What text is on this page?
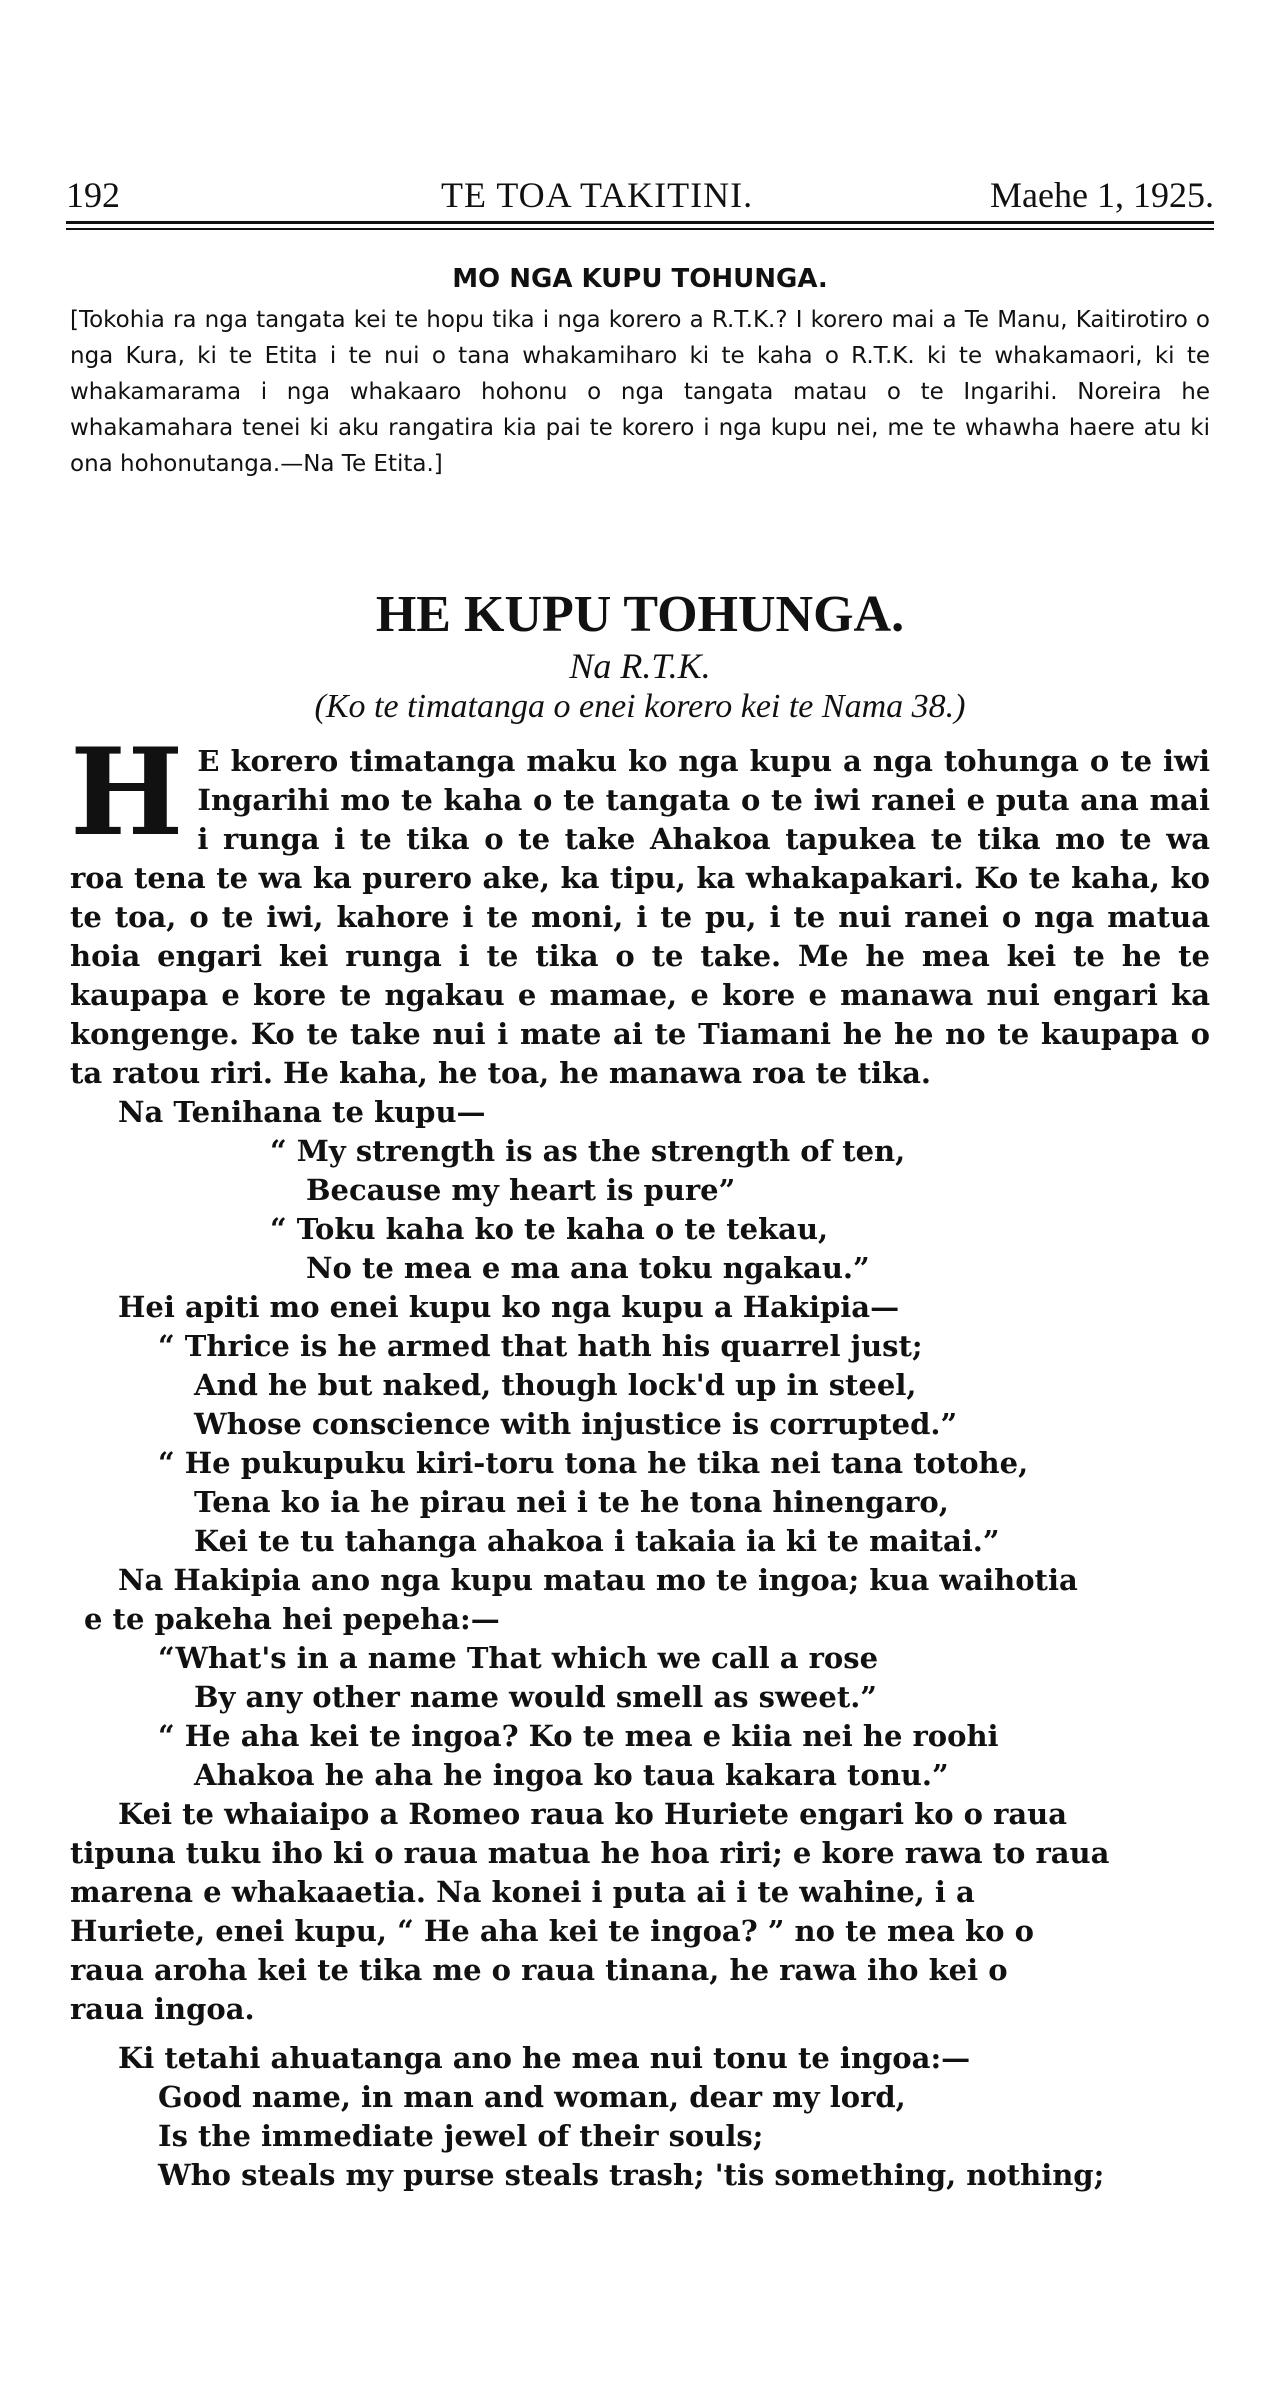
192	TE TOA TAKITINI.	Maehe 1, 1925.
MO NGA KUPU TOHUNGA.
[Tokohia ra nga tangata kei te hopu tika i nga korero a R.T.K.? I korero mai a Te Manu, Kaitirotiro o nga Kura, ki te Etita i te nui o tana whakamiharo ki te kaha o R.T.K. ki te whakamaori, ki te whakamarama i nga whakaaro hohonu o nga tangata matau o te Ingarihi. Noreira he whakamahara tenei ki aku rangatira kia pai te korero i nga kupu nei, me te whawha haere atu ki ona hohonutanga.—Na Te Etita.]
HE KUPU TOHUNGA.
Na R.T.K.
(Ko te timatanga o enei korero kei te Nama 38.)
H E korero timatanga maku ko nga kupu a nga tohunga o te iwi Ingarihi mo te kaha o te tangata o te iwi ranei e puta ana mai i runga i te tika o te take Ahakoa tapukea te tika mo te wa roa tena te wa ka purero ake, ka tipu, ka whakapakari. Ko te kaha, ko te toa, o te iwi, kahore i te moni, i te pu, i te nui ranei o nga matua hoia engari kei runga i te tika o te take. Me he mea kei te he te kaupapa e kore te ngakau e mamae, e kore e manawa nui engari ka kongenge. Ko te take nui i mate ai te Tiamani he he no te kaupapa o ta ratou riri. He kaha, he toa, he manawa roa te tika.

Na Tenihana te kupu—
“ My strength is as the strength of ten,
Because my heart is pure”
“ Toku kaha ko te kaha o te tekau,
No te mea e ma ana toku ngakau.”
Hei apiti mo enei kupu ko nga kupu a Hakipia—
“ Thrice is he armed that hath his quarrel just;
And he but naked, though lock'd up in steel,
Whose conscience with injustice is corrupted.”
“ He pukupuku kiri-toru tona he tika nei tana totohe,
Tena ko ia he pirau nei i te he tona hinengaro,
Kei te tu tahanga ahakoa i takaia ia ki te maitai.”
Na Hakipia ano nga kupu matau mo te ingoa; kua waihotia
e te pakeha hei pepeha:—
“What's in a name That which we call a rose
By any other name would smell as sweet.”
“ He aha kei te ingoa? Ko te mea e kiia nei he roohi
Ahakoa he aha he ingoa ko taua kakara tonu.”
Kei te whaiaipo a Romeo raua ko Huriete engari ko o raua
tipuna tuku iho ki o raua matua he hoa riri; e kore rawa to raua
marena e whakaaetia. Na konei i puta ai i te wahine, i a
Huriete, enei kupu, “ He aha kei te ingoa? ” no te mea ko o
raua aroha kei te tika me o raua tinana, he rawa iho kei o
raua ingoa.
Ki tetahi ahuatanga ano he mea nui tonu te ingoa:—
Good name, in man and woman, dear my lord,
Is the immediate jewel of their souls;
Who steals my purse steals trash; 'tis something, nothing;
